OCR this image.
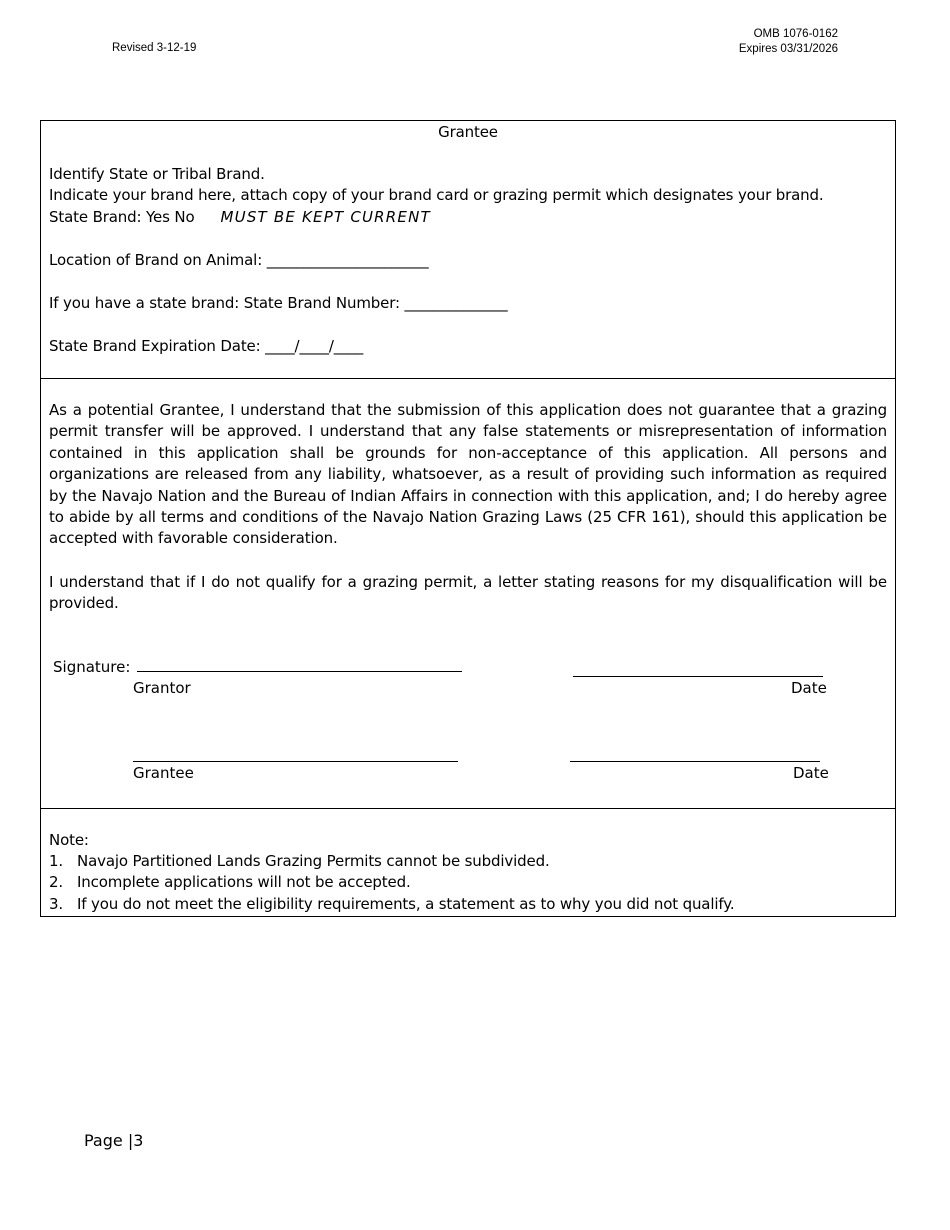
Revised 3-12-19
OMB 1076-0162
Expires 03/31/2026
Grantee
Identify State or Tribal Brand.
Indicate your brand here, attach copy of your brand card or grazing permit which designates your brand.
State Brand: Yes No MUST BE KEPT CURRENT
Location of Brand on Animal: ______________________
If you have a state brand: State Brand Number: ______________
State Brand Expiration Date: ____/____/____
As a potential Grantee, I understand that the submission of this application does not guarantee that a grazing permit transfer will be approved. I understand that any false statements or misrepresentation of information contained in this application shall be grounds for non-acceptance of this application. All persons and organizations are released from any liability, whatsoever, as a result of providing such information as required by the Navajo Nation and the Bureau of Indian Affairs in connection with this application, and; I do hereby agree to abide by all terms and conditions of the Navajo Nation Grazing Laws (25 CFR 161), should this application be accepted with favorable consideration.
I understand that if I do not qualify for a grazing permit, a letter stating reasons for my disqualification will be provided.
Signature:
Grantor	Date
Grantee	Date
Note:
1. Navajo Partitioned Lands Grazing Permits cannot be subdivided.
2. Incomplete applications will not be accepted.
3. If you do not meet the eligibility requirements, a statement as to why you did not qualify.
Page |3
